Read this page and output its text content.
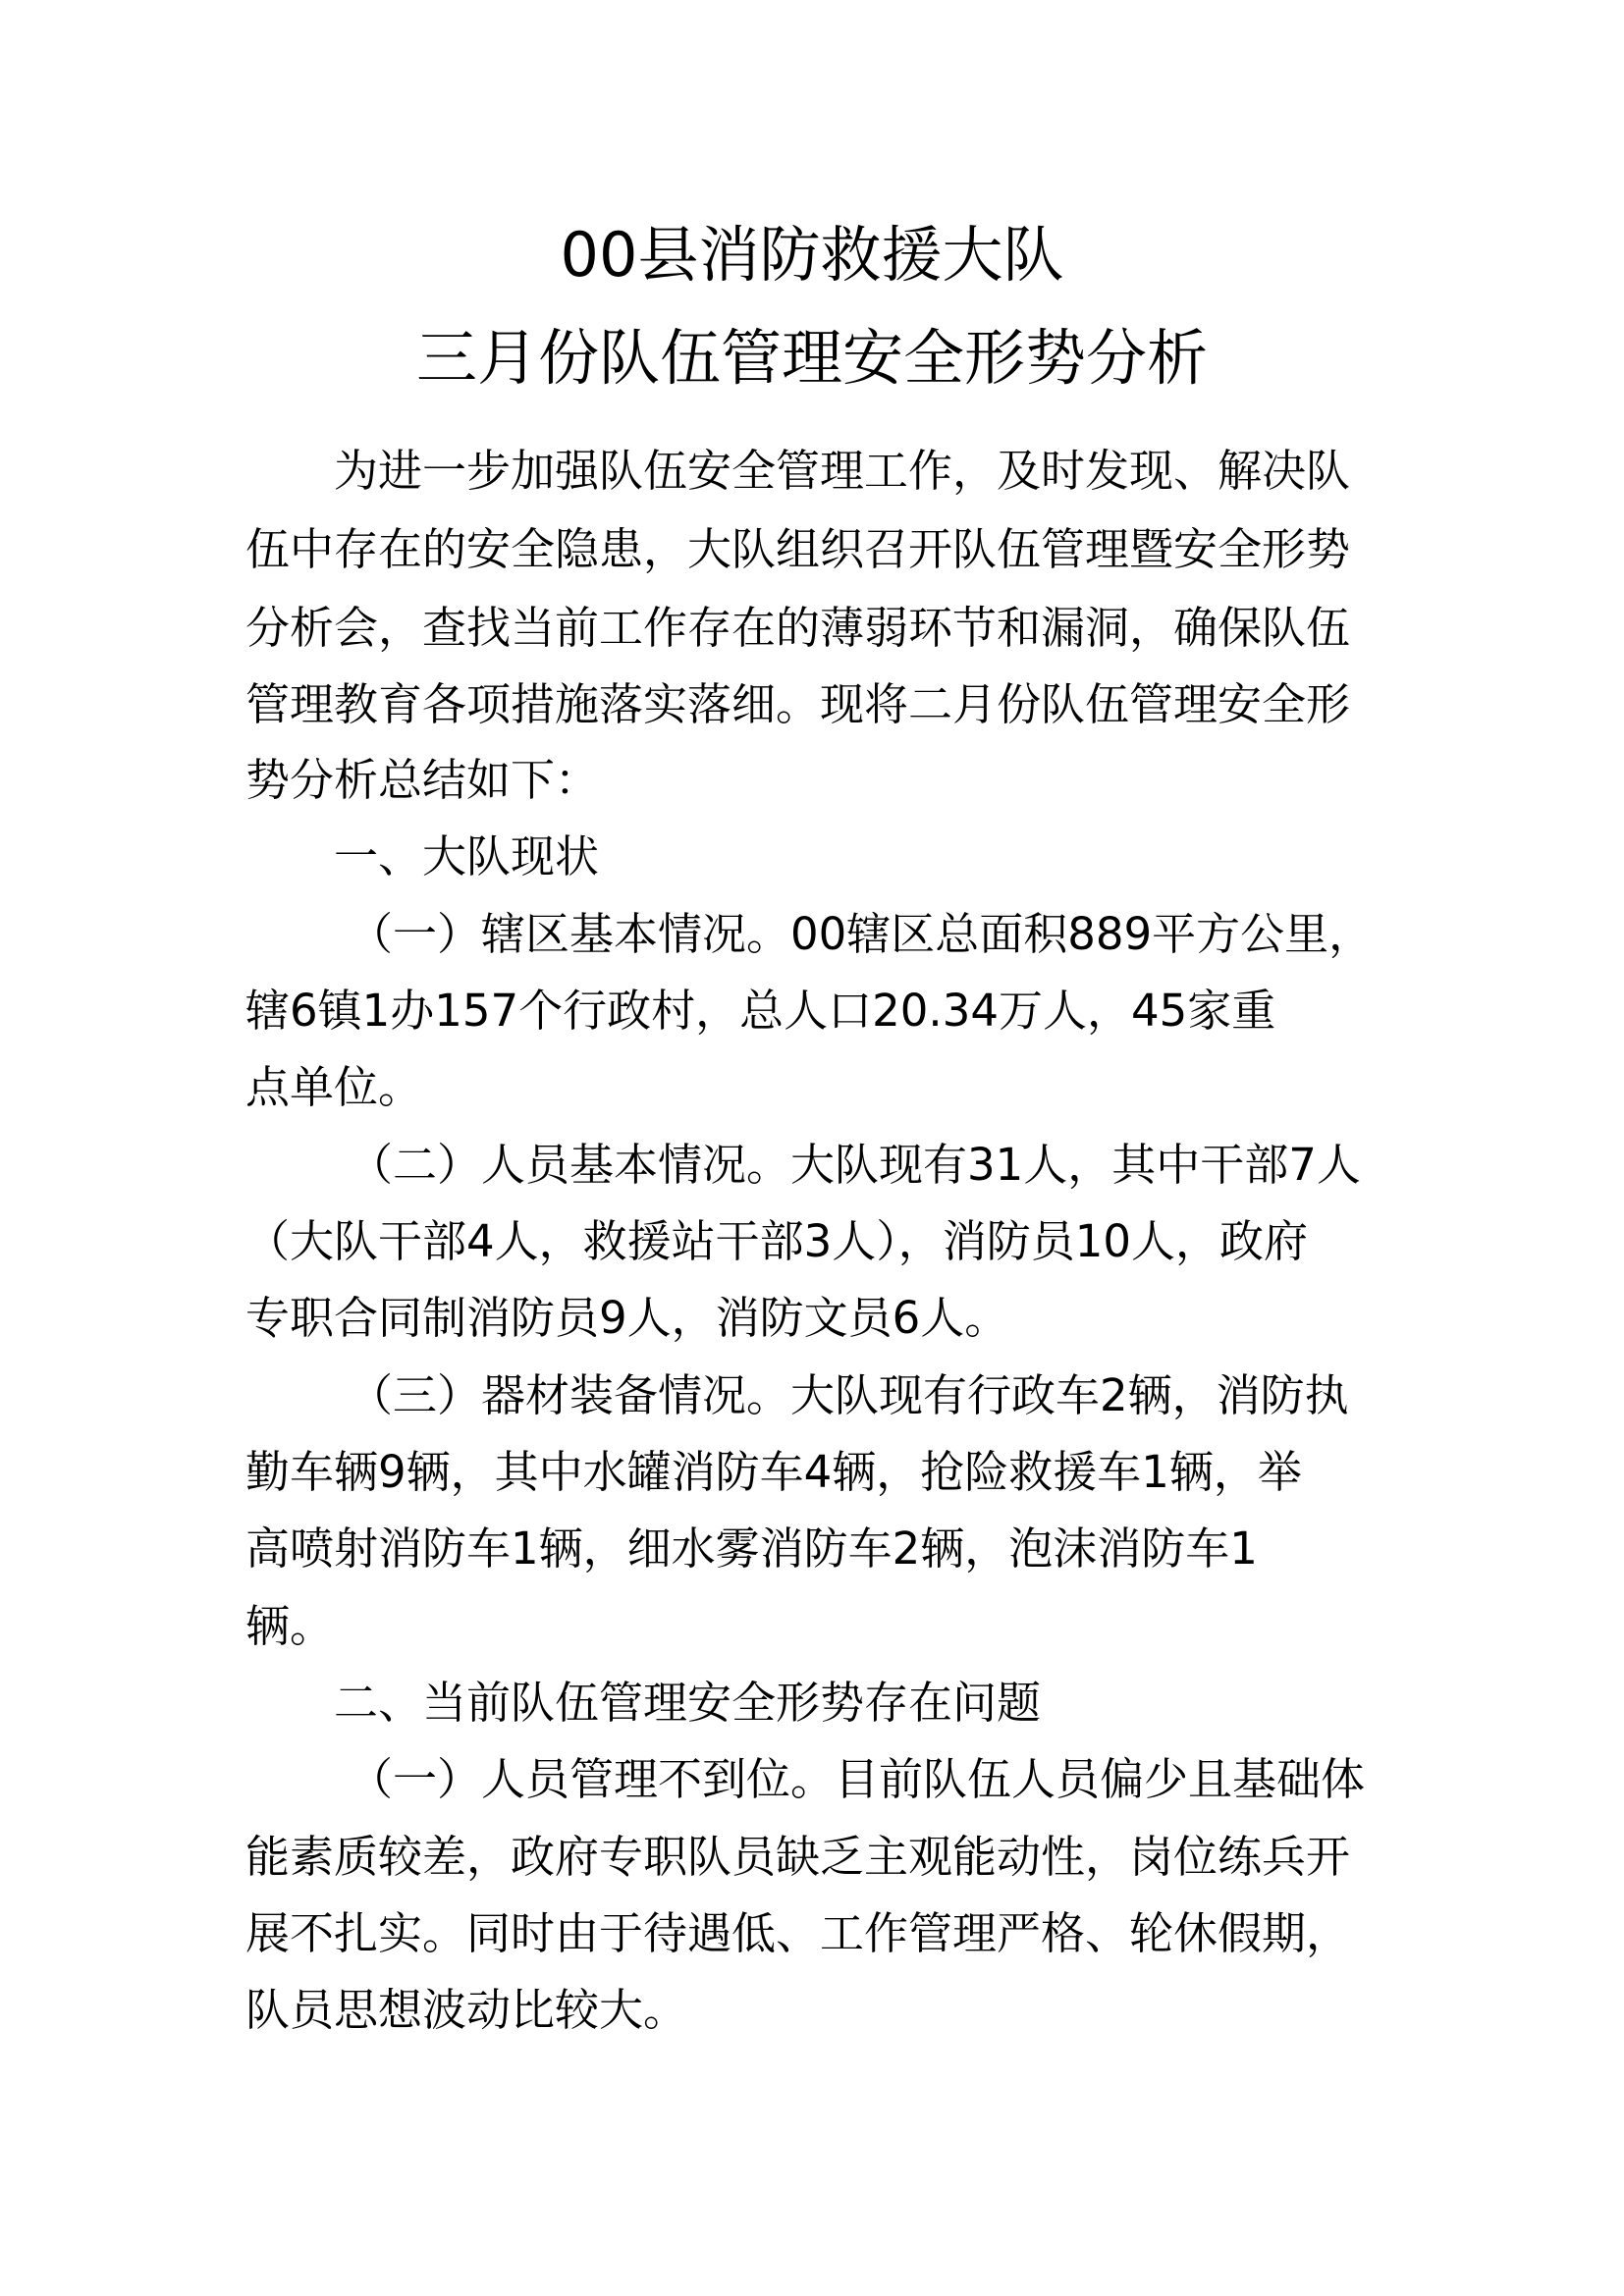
00县消防救援大队
三月份队伍管理安全形势分析
为进一步加强队伍安全管理工作，及时发现、解决队
伍中存在的安全隐患，大队组织召开队伍管理暨安全形势
分析会，查找当前工作存在的薄弱环节和漏洞，确保队伍
管理教育各项措施落实落细。现将二月份队伍管理安全形
势分析总结如下：
一、大队现状
（一）辖区基本情况。00辖区总面积889平方公里，
辖6镇1办157个行政村，总人口20.34万人，45家重
点单位。
（二）人员基本情况。大队现有31人，其中干部7人
（大队干部4人，救援站干部3人），消防员10人，政府
专职合同制消防员9人，消防文员6人。
（三）器材装备情况。大队现有行政车2辆，消防执
勤车辆9辆，其中水罐消防车4辆，抢险救援车1辆，举
高喷射消防车1辆，细水雾消防车2辆，泡沫消防车1
辆。
二、当前队伍管理安全形势存在问题
（一）人员管理不到位。目前队伍人员偏少且基础体
能素质较差，政府专职队员缺乏主观能动性，岗位练兵开
展不扎实。同时由于待遇低、工作管理严格、轮休假期，
队员思想波动比较大。
